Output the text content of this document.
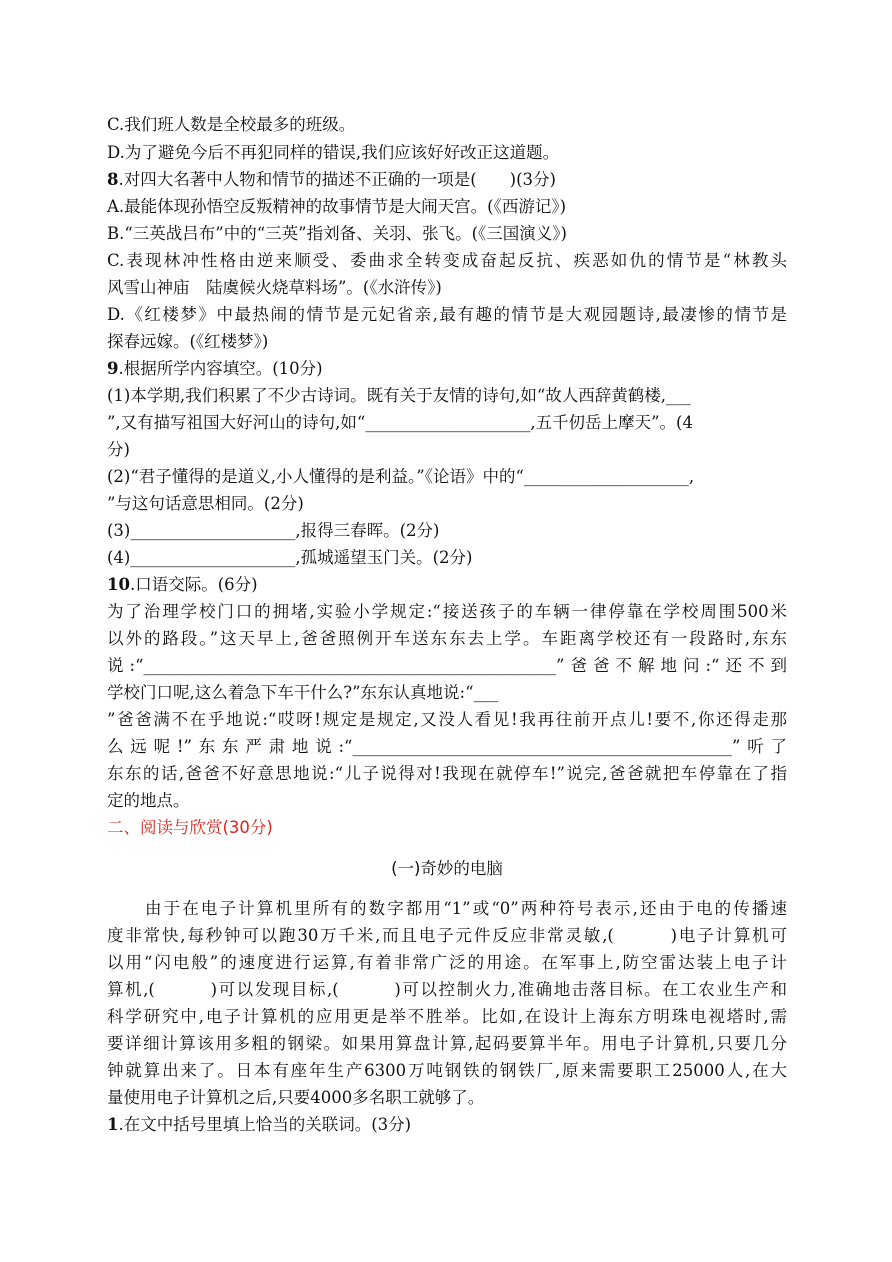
C.我们班人数是全校最多的班级。
D.为了避免今后不再犯同样的错误,我们应该好好改正这道题。
8.对四大名著中人物和情节的描述不正确的一项是(　　)(3分)
A.最能体现孙悟空反叛精神的故事情节是大闹天宫。(《西游记》)
B.“三英战吕布”中的“三英”指刘备、关羽、张飞。(《三国演义》)
C.表现林冲性格由逆来顺受、委曲求全转变成奋起反抗、疾恶如仇的情节是“林教头
风雪山神庙　陆虞候火烧草料场”。(《水浒传》)
D.《红楼梦》中最热闹的情节是元妃省亲,最有趣的情节是大观园题诗,最凄惨的情节是
探春远嫁。(《红楼梦》)
9.根据所学内容填空。(10分)
(1)本学期,我们积累了不少古诗词。既有关于友情的诗句,如“故人西辞黄鹤楼,___
”,又有描写祖国大好河山的诗句,如“____________________,五千仞岳上摩天”。(4
分)
(2)“君子懂得的是道义,小人懂得的是利益。”《论语》中的“____________________,
”与这句话意思相同。(2分)
(3)____________________,报得三春晖。(2分)
(4)____________________,孤城遥望玉门关。(2分)
10.口语交际。(6分)
为了治理学校门口的拥堵,实验小学规定:“接送孩子的车辆一律停靠在学校周围500米
以外的路段。”这天早上,爸爸照例开车送东东去上学。车距离学校还有一段路时,东东
说:“__________________________________________________”爸爸不解地问:“还不到
学校门口呢,这么着急下车干什么?”东东认真地说:“___
”爸爸满不在乎地说:“哎呀!规定是规定,又没人看见!我再往前开点儿!要不,你还得走那
么远呢!”东东严肃地说:“______________________________________________”听了
东东的话,爸爸不好意思地说:“儿子说得对!我现在就停车!”说完,爸爸就把车停靠在了指
定的地点。
二、阅读与欣赏(30分)
(一)奇妙的电脑
由于在电子计算机里所有的数字都用“1”或“0”两种符号表示,还由于电的传播速
度非常快,每秒钟可以跑30万千米,而且电子元件反应非常灵敏,(　　　)电子计算机可
以用“闪电般”的速度进行运算,有着非常广泛的用途。在军事上,防空雷达装上电子计
算机,(　　　)可以发现目标,(　　　)可以控制火力,准确地击落目标。在工农业生产和
科学研究中,电子计算机的应用更是举不胜举。比如,在设计上海东方明珠电视塔时,需
要详细计算该用多粗的钢梁。如果用算盘计算,起码要算半年。用电子计算机,只要几分
钟就算出来了。日本有座年生产6300万吨钢铁的钢铁厂,原来需要职工25000人,在大
量使用电子计算机之后,只要4000多名职工就够了。
1.在文中括号里填上恰当的关联词。(3分)
